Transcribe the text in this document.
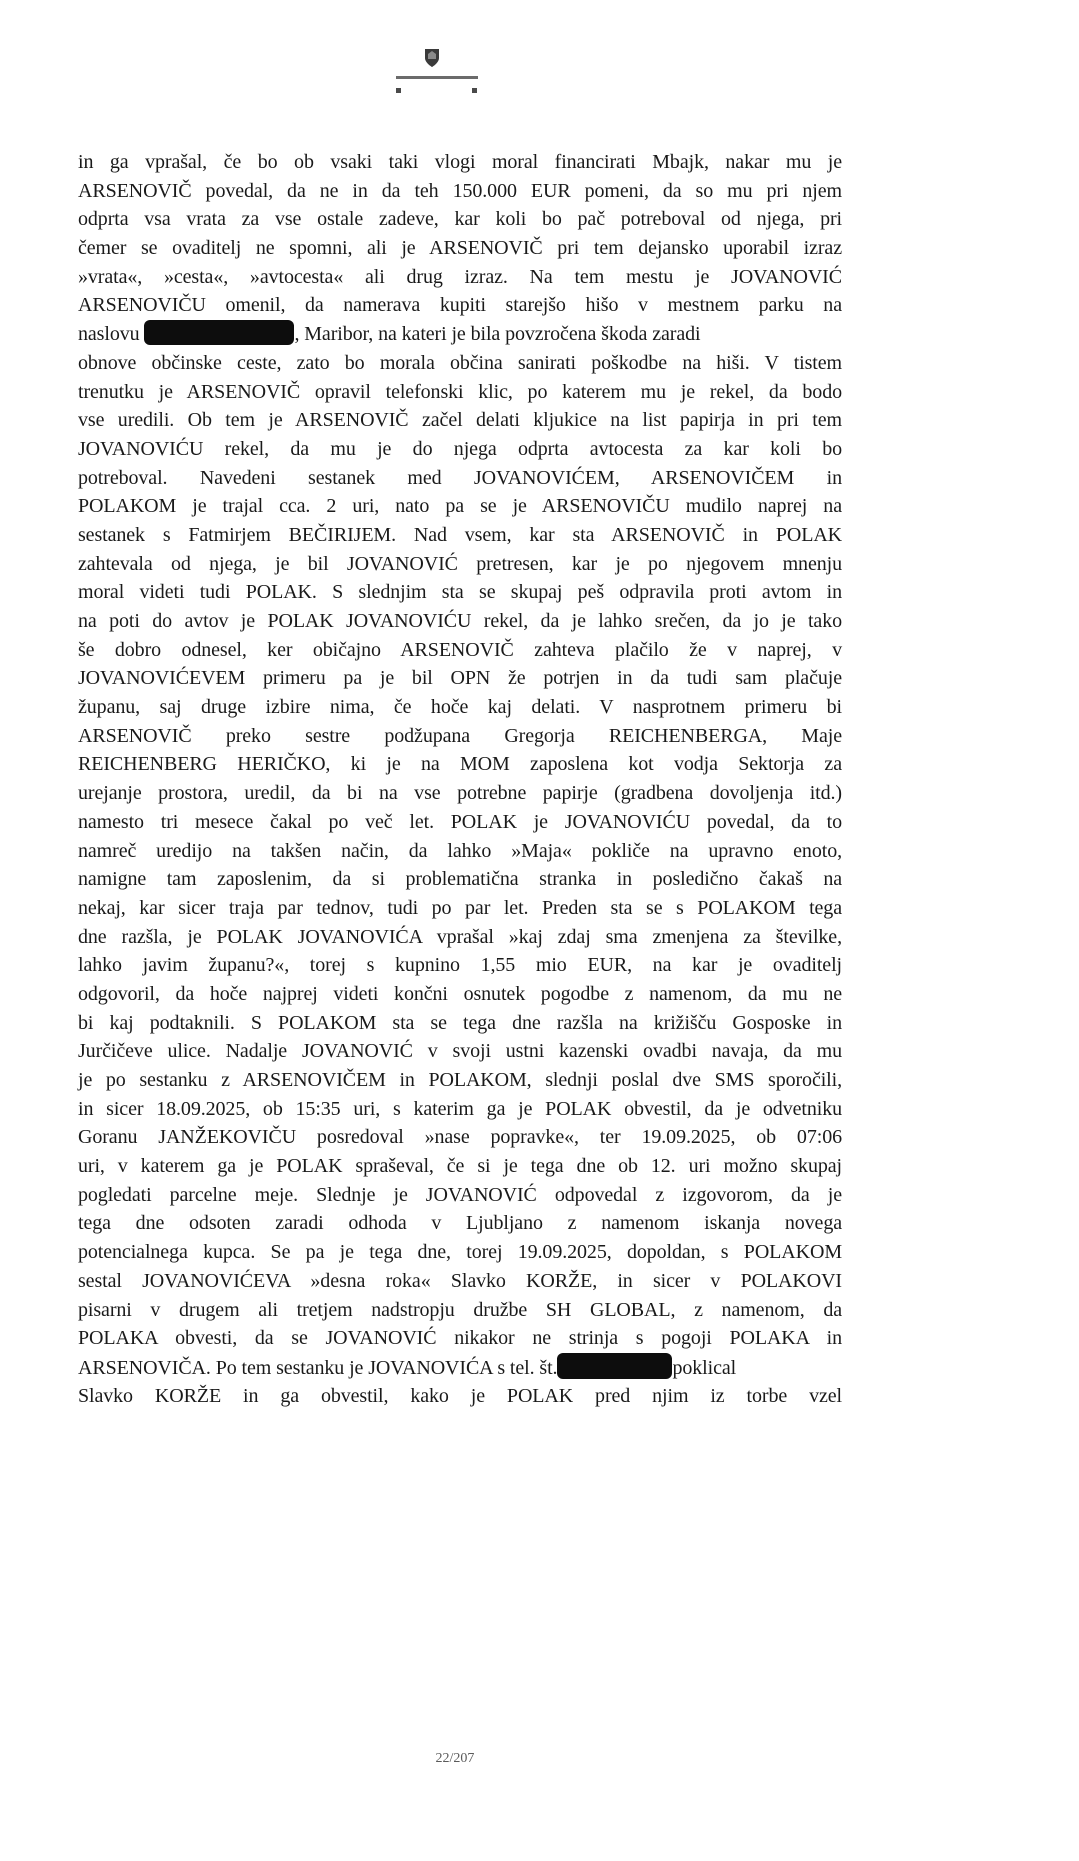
in ga vprašal, če bo ob vsaki taki vlogi moral financirati Mbajk, nakar mu je
ARSENOVIČ povedal, da ne in da teh 150.000 EUR pomeni, da so mu pri njem
odprta vsa vrata za vse ostale zadeve, kar koli bo pač potreboval od njega, pri
čemer se ovaditelj ne spomni, ali je ARSENOVIČ pri tem dejansko uporabil izraz
»vrata«, »cesta«, »avtocesta« ali drug izraz. Na tem mestu je JOVANOVIĆ
ARSENOVIČU omenil, da namerava kupiti starejšo hišo v mestnem parku na
naslovu	, Maribor, na kateri je bila povzročena škoda zaradi
obnove občinske ceste, zato bo morala občina sanirati poškodbe na hiši. V tistem
trenutku je ARSENOVIČ opravil telefonski klic, po katerem mu je rekel, da bodo
vse uredili. Ob tem je ARSENOVIČ začel delati kljukice na list papirja in pri tem
JOVANOVIĆU rekel, da mu je do njega odprta avtocesta za kar koli bo
potreboval. Navedeni sestanek med JOVANOVIĆEM, ARSENOVIČEM in
POLAKOM je trajal cca. 2 uri, nato pa se je ARSENOVIČU mudilo naprej na
sestanek s Fatmirjem BEČIRIJEM. Nad vsem, kar sta ARSENOVIČ in POLAK
zahtevala od njega, je bil JOVANOVIĆ pretresen, kar je po njegovem mnenju
moral videti tudi POLAK. S slednjim sta se skupaj peš odpravila proti avtom in
na poti do avtov je POLAK JOVANOVIĆU rekel, da je lahko srečen, da jo je tako
še dobro odnesel, ker običajno ARSENOVIČ zahteva plačilo že v naprej, v
JOVANOVIĆEVEM primeru pa je bil OPN že potrjen in da tudi sam plačuje
županu, saj druge izbire nima, če hoče kaj delati. V nasprotnem primeru bi
ARSENOVIČ preko sestre podžupana Gregorja REICHENBERGA, Maje
REICHENBERG HERIČKO, ki je na MOM zaposlena kot vodja Sektorja za
urejanje prostora, uredil, da bi na vse potrebne papirje (gradbena dovoljenja itd.)
namesto tri mesece čakal po več let. POLAK je JOVANOVIĆU povedal, da to
namreč uredijo na takšen način, da lahko »Maja« pokliče na upravno enoto,
namigne tam zaposlenim, da si problematična stranka in posledično čakaš na
nekaj, kar sicer traja par tednov, tudi po par let. Preden sta se s POLAKOM tega
dne razšla, je POLAK JOVANOVIĆA vprašal »kaj zdaj sma zmenjena za številke,
lahko javim županu?«, torej s kupnino 1,55 mio EUR, na kar je ovaditelj
odgovoril, da hoče najprej videti končni osnutek pogodbe z namenom, da mu ne
bi kaj podtaknili. S POLAKOM sta se tega dne razšla na križišču Gosposke in
Jurčičeve ulice. Nadalje JOVANOVIĆ v svoji ustni kazenski ovadbi navaja, da mu
je po sestanku z ARSENOVIČEM in POLAKOM, slednji poslal dve SMS sporočili,
in sicer 18.09.2025, ob 15:35 uri, s katerim ga je POLAK obvestil, da je odvetniku
Goranu JANŽEKOVIČU posredoval »nase popravke«, ter 19.09.2025, ob 07:06
uri, v katerem ga je POLAK spraševal, če si je tega dne ob 12. uri možno skupaj
pogledati parcelne meje. Slednje je JOVANOVIĆ odpovedal z izgovorom, da je
tega dne odsoten zaradi odhoda v Ljubljano z namenom iskanja novega
potencialnega kupca. Se pa je tega dne, torej 19.09.2025, dopoldan, s POLAKOM
sestal JOVANOVIĆEVA »desna roka« Slavko KORŽE, in sicer v POLAKOVI
pisarni v drugem ali tretjem nadstropju družbe SH GLOBAL, z namenom, da
POLAKA obvesti, da se JOVANOVIĆ nikakor ne strinja s pogoji POLAKA in
ARSENOVIČA. Po tem sestanku je JOVANOVIĆA s tel. št.	poklical
Slavko KORŽE in ga obvestil, kako je POLAK pred njim iz torbe vzel
22/207
